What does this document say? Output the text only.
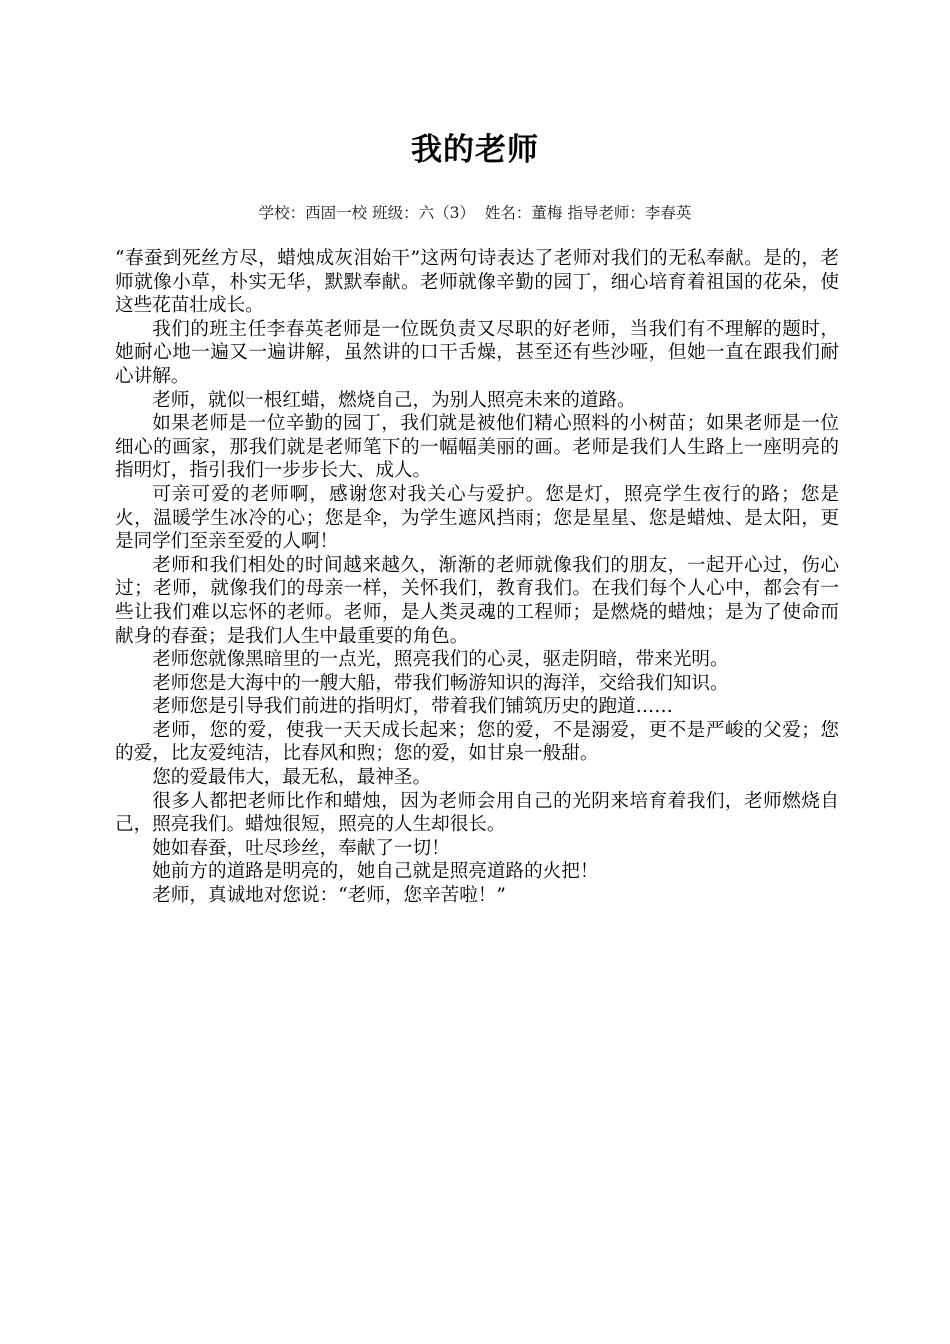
我的老师
学校：西固一校 班级：六（3） 姓名：董梅 指导老师：李春英

“春蚕到死丝方尽，蜡烛成灰泪始干”这两句诗表达了老师对我们的无私奉献。是的，老师就像小草，朴实无华，默默奉献。老师就像辛勤的园丁，细心培育着祖国的花朵，使这些花苗壮成长。

我们的班主任李春英老师是一位既负责又尽职的好老师，当我们有不理解的题时，她耐心地一遍又一遍讲解，虽然讲的口干舌燥，甚至还有些沙哑，但她一直在跟我们耐心讲解。

老师，就似一根红蜡，燃烧自己，为别人照亮未来的道路。

如果老师是一位辛勤的园丁，我们就是被他们精心照料的小树苗；如果老师是一位细心的画家，那我们就是老师笔下的一幅幅美丽的画。老师是我们人生路上一座明亮的指明灯，指引我们一步步长大、成人。

可亲可爱的老师啊，感谢您对我关心与爱护。您是灯，照亮学生夜行的路；您是火，温暖学生冰冷的心；您是伞，为学生遮风挡雨；您是星星、您是蜡烛、是太阳，更是同学们至亲至爱的人啊！

老师和我们相处的时间越来越久，渐渐的老师就像我们的朋友，一起开心过，伤心过；老师，就像我们的母亲一样，关怀我们，教育我们。在我们每个人心中，都会有一些让我们难以忘怀的老师。老师，是人类灵魂的工程师；是燃烧的蜡烛；是为了使命而献身的春蚕；是我们人生中最重要的角色。

老师您就像黑暗里的一点光，照亮我们的心灵，驱走阴暗，带来光明。

老师您是大海中的一艘大船，带我们畅游知识的海洋，交给我们知识。

老师您是引导我们前进的指明灯，带着我们铺筑历史的跑道……

老师，您的爱，使我一天天成长起来；您的爱，不是溺爱，更不是严峻的父爱；您的爱，比友爱纯洁，比春风和煦；您的爱，如甘泉一般甜。

您的爱最伟大，最无私，最神圣。

很多人都把老师比作和蜡烛，因为老师会用自己的光阴来培育着我们，老师燃烧自己，照亮我们。蜡烛很短，照亮的人生却很长。

她如春蚕，吐尽珍丝，奉献了一切！

她前方的道路是明亮的，她自己就是照亮道路的火把！

老师，真诚地对您说：“老师，您辛苦啦！”
